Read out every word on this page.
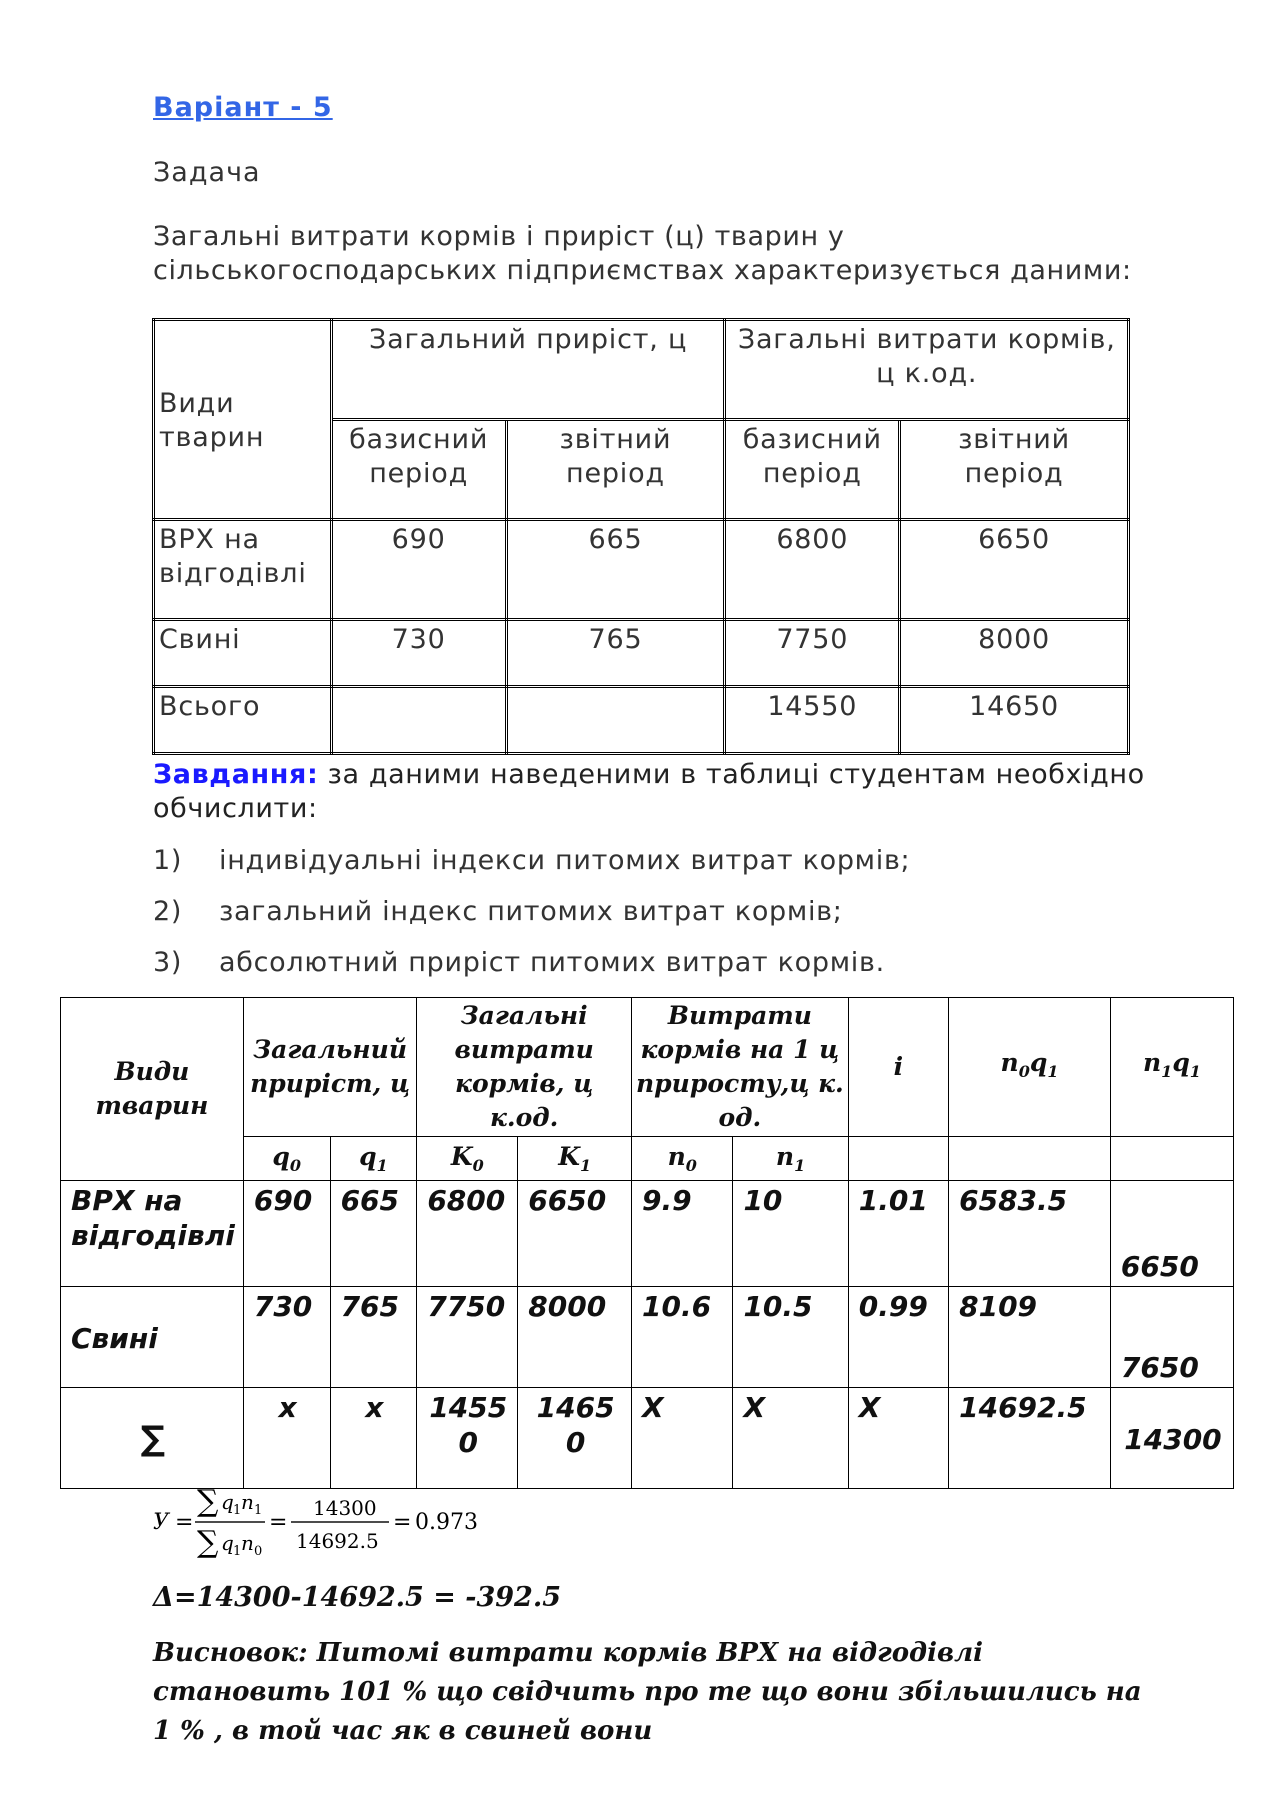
Варіант - 5
Задача
Загальні витрати кормів і приріст (ц) тварин у сільськогосподарських підприємствах характеризується даними:
Види тварин	Загальний приріст, ц		Загальні витрати кормів, ц к.од.	
	базисний період	звітний період	базисний період	звітний період
ВРХ на відгодівлі	690	665	6800	6650
Свині	730	765	7750	8000
Всього			14550	14650
Завдання: за даними наведеними в таблиці студентам необхідно обчислити:
1) індивідуальні індекси питомих витрат кормів;
2) загальний індекс питомих витрат кормів;
3) абсолютний приріст питомих витрат кормів.
Види тварин	Загальний приріст, ц		Загальні витрати кормів, ц к.од.		Витрати кормів на 1 ц приросту,ц к. од.		i	$n_0q_1$	$n_1q_1$
	$q_0$	$q_1$	$K_0$	$K_1$	$n_0$	$n_1$			
ВРХ на відгодівлі	690	665	6800	6650	9.9	10	1.01	6583.5	6650
Свині	730	765	7750	8000	10.6	10.5	0.99	8109	7650
∑	х	х	14550	14650	Х	Х	Х	14692.5	14300
У =
∑ q 1 n 1
∑ q 1 n 0
=
14300
14692.5
= 0.973
Δ=14300-14692.5 = -392.5
Висновок: Питомі витрати кормів ВРХ на відгодівлі становить 101 % що свідчить про те що вони збільшились на 1 % , в той час як в свиней вони
